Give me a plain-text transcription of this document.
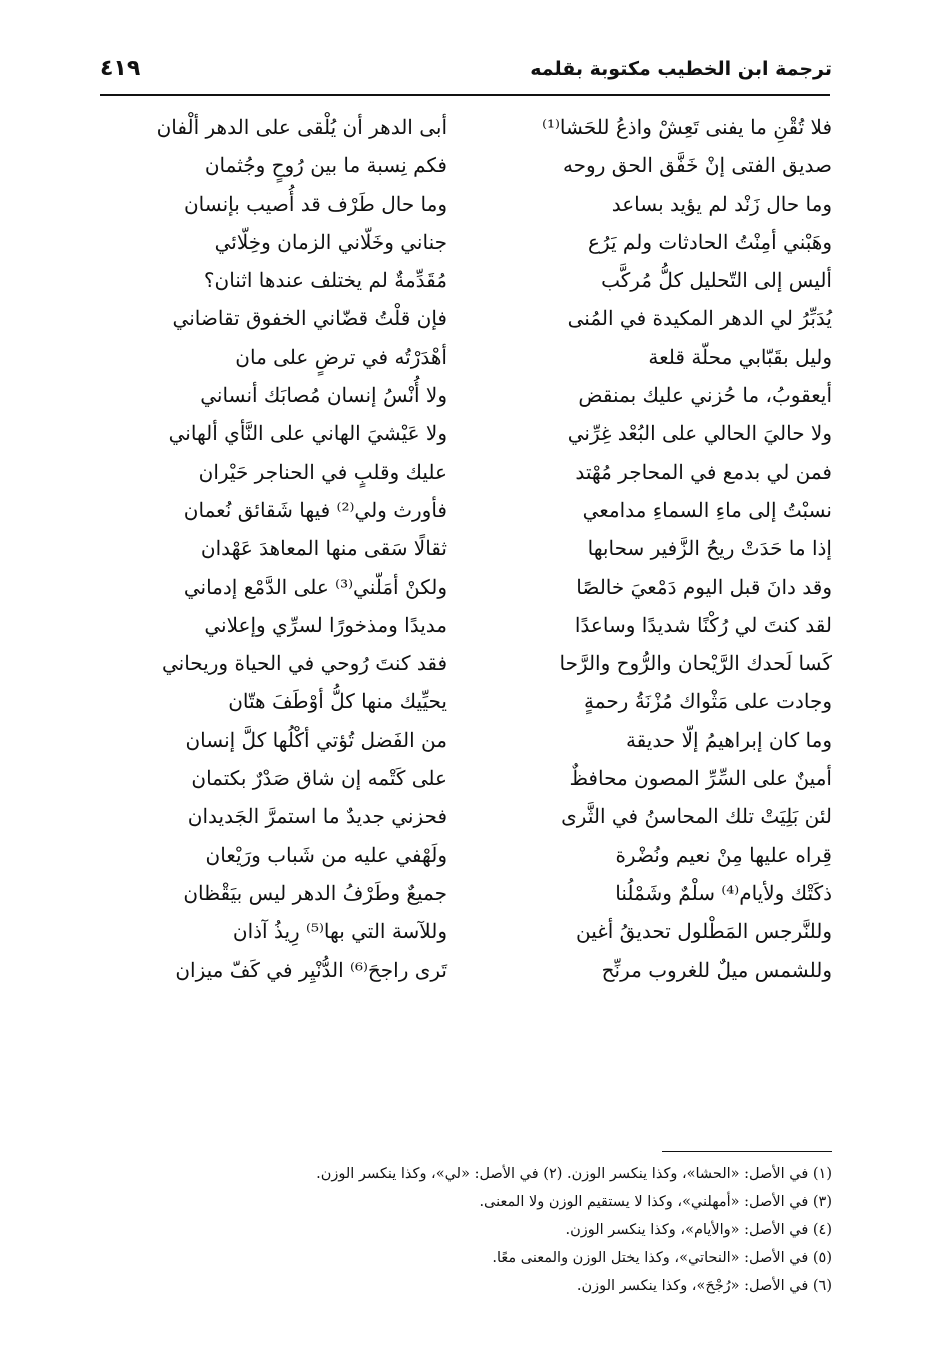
ترجمة ابن الخطيب مكتوبة بقلمه
٤١٩
فلا تُقْنِ ما يفنى تَعِشْ واذعُ للحَشا⁽¹⁾
صديق الفتى إنْ خَفَّق الحق روحه
وما حال زَنْد لم يؤيد بساعد
وهَبْني أمِنْتُ الحادثات ولم يَرُع
أليس إلى التّحليل كلُّ مُركَّب
يُدَبِّرُ لي الدهر المكيدة في المُنى
وليل بقَبّابي محلّة قلعة
أيعقوبُ، ما حُزني عليك بمنقض
ولا حاليَ الحالي على البُعْد غِرِّني
فمن لي بدمع في المحاجر مُهْتد
نسبْتُ إلى ماءِ السماءِ مدامعي
إذا ما حَدَتْ ريحُ الزَّفير سحابها
وقد دانَ قبل اليوم دَمْعيَ خالصًا
لقد كنتَ لي رُكْنًا شديدًا وساعدًا
كَسا لَحدك الرَّيْحان والرُّوح والرَّحا
وجادت على مَثْواك مُزْنَةُ رحمةٍ
وما كان إبراهيمُ إلّا حديقة
أمينٌ على السِّرِّ المصون محافظٌ
لئن بَلِيَتْ تلك المحاسنُ في الثَّرى
قِراه عليها مِنْ نعيم ونُضْرة
ذكَتْك ولأيام⁽⁴⁾ سلْمٌ وشَمْلُنا
وللنَّرجس المَطْلول تحديقُ أغين
وللشمس ميلٌ للغروب مرنِّح
أبى الدهر أن يُلْقى على الدهر ألْفان
فكم نِسبة ما بين رُوحٍ وجُثمان
وما حال طَرْف قد أُصيب بإنسان
جناني وخَلّاني الزمان وخِلّائي
مُقَدِّمةٌ لم يختلف عندها اثنان؟
فإن قلْتُ قضّاني الخفوق تقاضاني
أهْدَرْتُه في ترضٍ على مان
ولا أُنْسُ إنسان مُصابَك أنساني
ولا عَيْشيَ الهاني على النَّأي ألهاني
عليك وقلبٍ في الحناجر حَيْران
فأورث ولي⁽²⁾ فيها شَقائق نُعمان
ثقالًا سَقى منها المعاهدَ عَهْدان
ولكنْ أمَلّني⁽³⁾ على الدَّمْع إدماني
مديدًا ومذخورًا لسرِّي وإعلاني
فقد كنتَ رُوحي في الحياة وريحاني
يحيِّيك منها كلُّ أوْطَفَ هتّان
من الفَضل تُؤتي أكْلُها كلَّ إنسان
على كَتْمه إن شاق صَدْرٌ بكتمان
فحزني جديدٌ ما استمرَّ الجَديدان
ولَهْفي عليه من شَباب ورَيْعان
جميعٌ وطَرْفُ الدهر ليس بيَقْظان
وللآسة التي بها⁽⁵⁾ رِيذُ آذان
تَرى راجحَ⁽⁶⁾ الدُّنْيِر في كَفّ ميزان
(١) في الأصل: «الحشا»، وكذا ينكسر الوزن. (٢) في الأصل: «لي»، وكذا ينكسر الوزن.
(٣) في الأصل: «أمهلني»، وكذا لا يستقيم الوزن ولا المعنى.
(٤) في الأصل: «والأيام»، وكذا ينكسر الوزن.
(٥) في الأصل: «النحاتي»، وكذا يختل الوزن والمعنى معًا.
(٦) في الأصل: «رُجْحَ»، وكذا ينكسر الوزن.
